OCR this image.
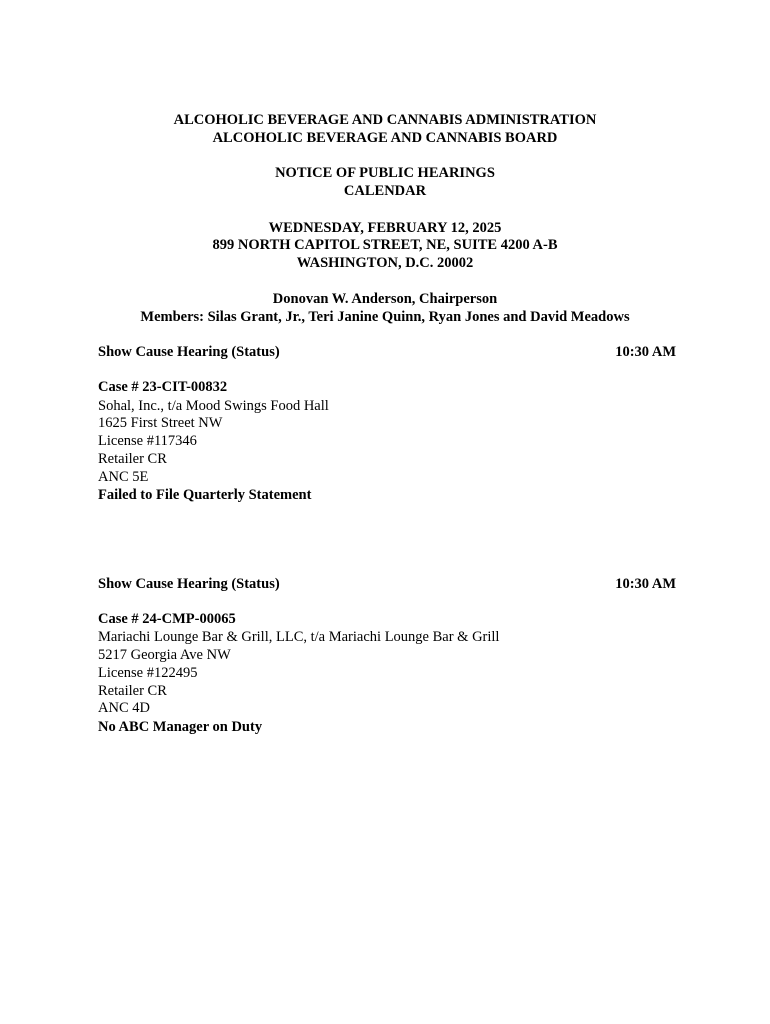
ALCOHOLIC BEVERAGE AND CANNABIS ADMINISTRATION
ALCOHOLIC BEVERAGE AND CANNABIS BOARD
NOTICE OF PUBLIC HEARINGS
CALENDAR
WEDNESDAY, FEBRUARY 12, 2025
899 NORTH CAPITOL STREET, NE, SUITE 4200 A-B
WASHINGTON, D.C. 20002
Donovan W. Anderson, Chairperson
Members: Silas Grant, Jr., Teri Janine Quinn, Ryan Jones and David Meadows
Show Cause Hearing (Status)	10:30 AM
Case # 23-CIT-00832
Sohal, Inc., t/a Mood Swings Food Hall
1625 First Street NW
License #117346
Retailer CR
ANC 5E
Failed to File Quarterly Statement
Show Cause Hearing (Status)	10:30 AM
Case # 24-CMP-00065
Mariachi Lounge Bar & Grill, LLC, t/a Mariachi Lounge Bar & Grill
5217 Georgia Ave NW
License #122495
Retailer CR
ANC 4D
No ABC Manager on Duty
